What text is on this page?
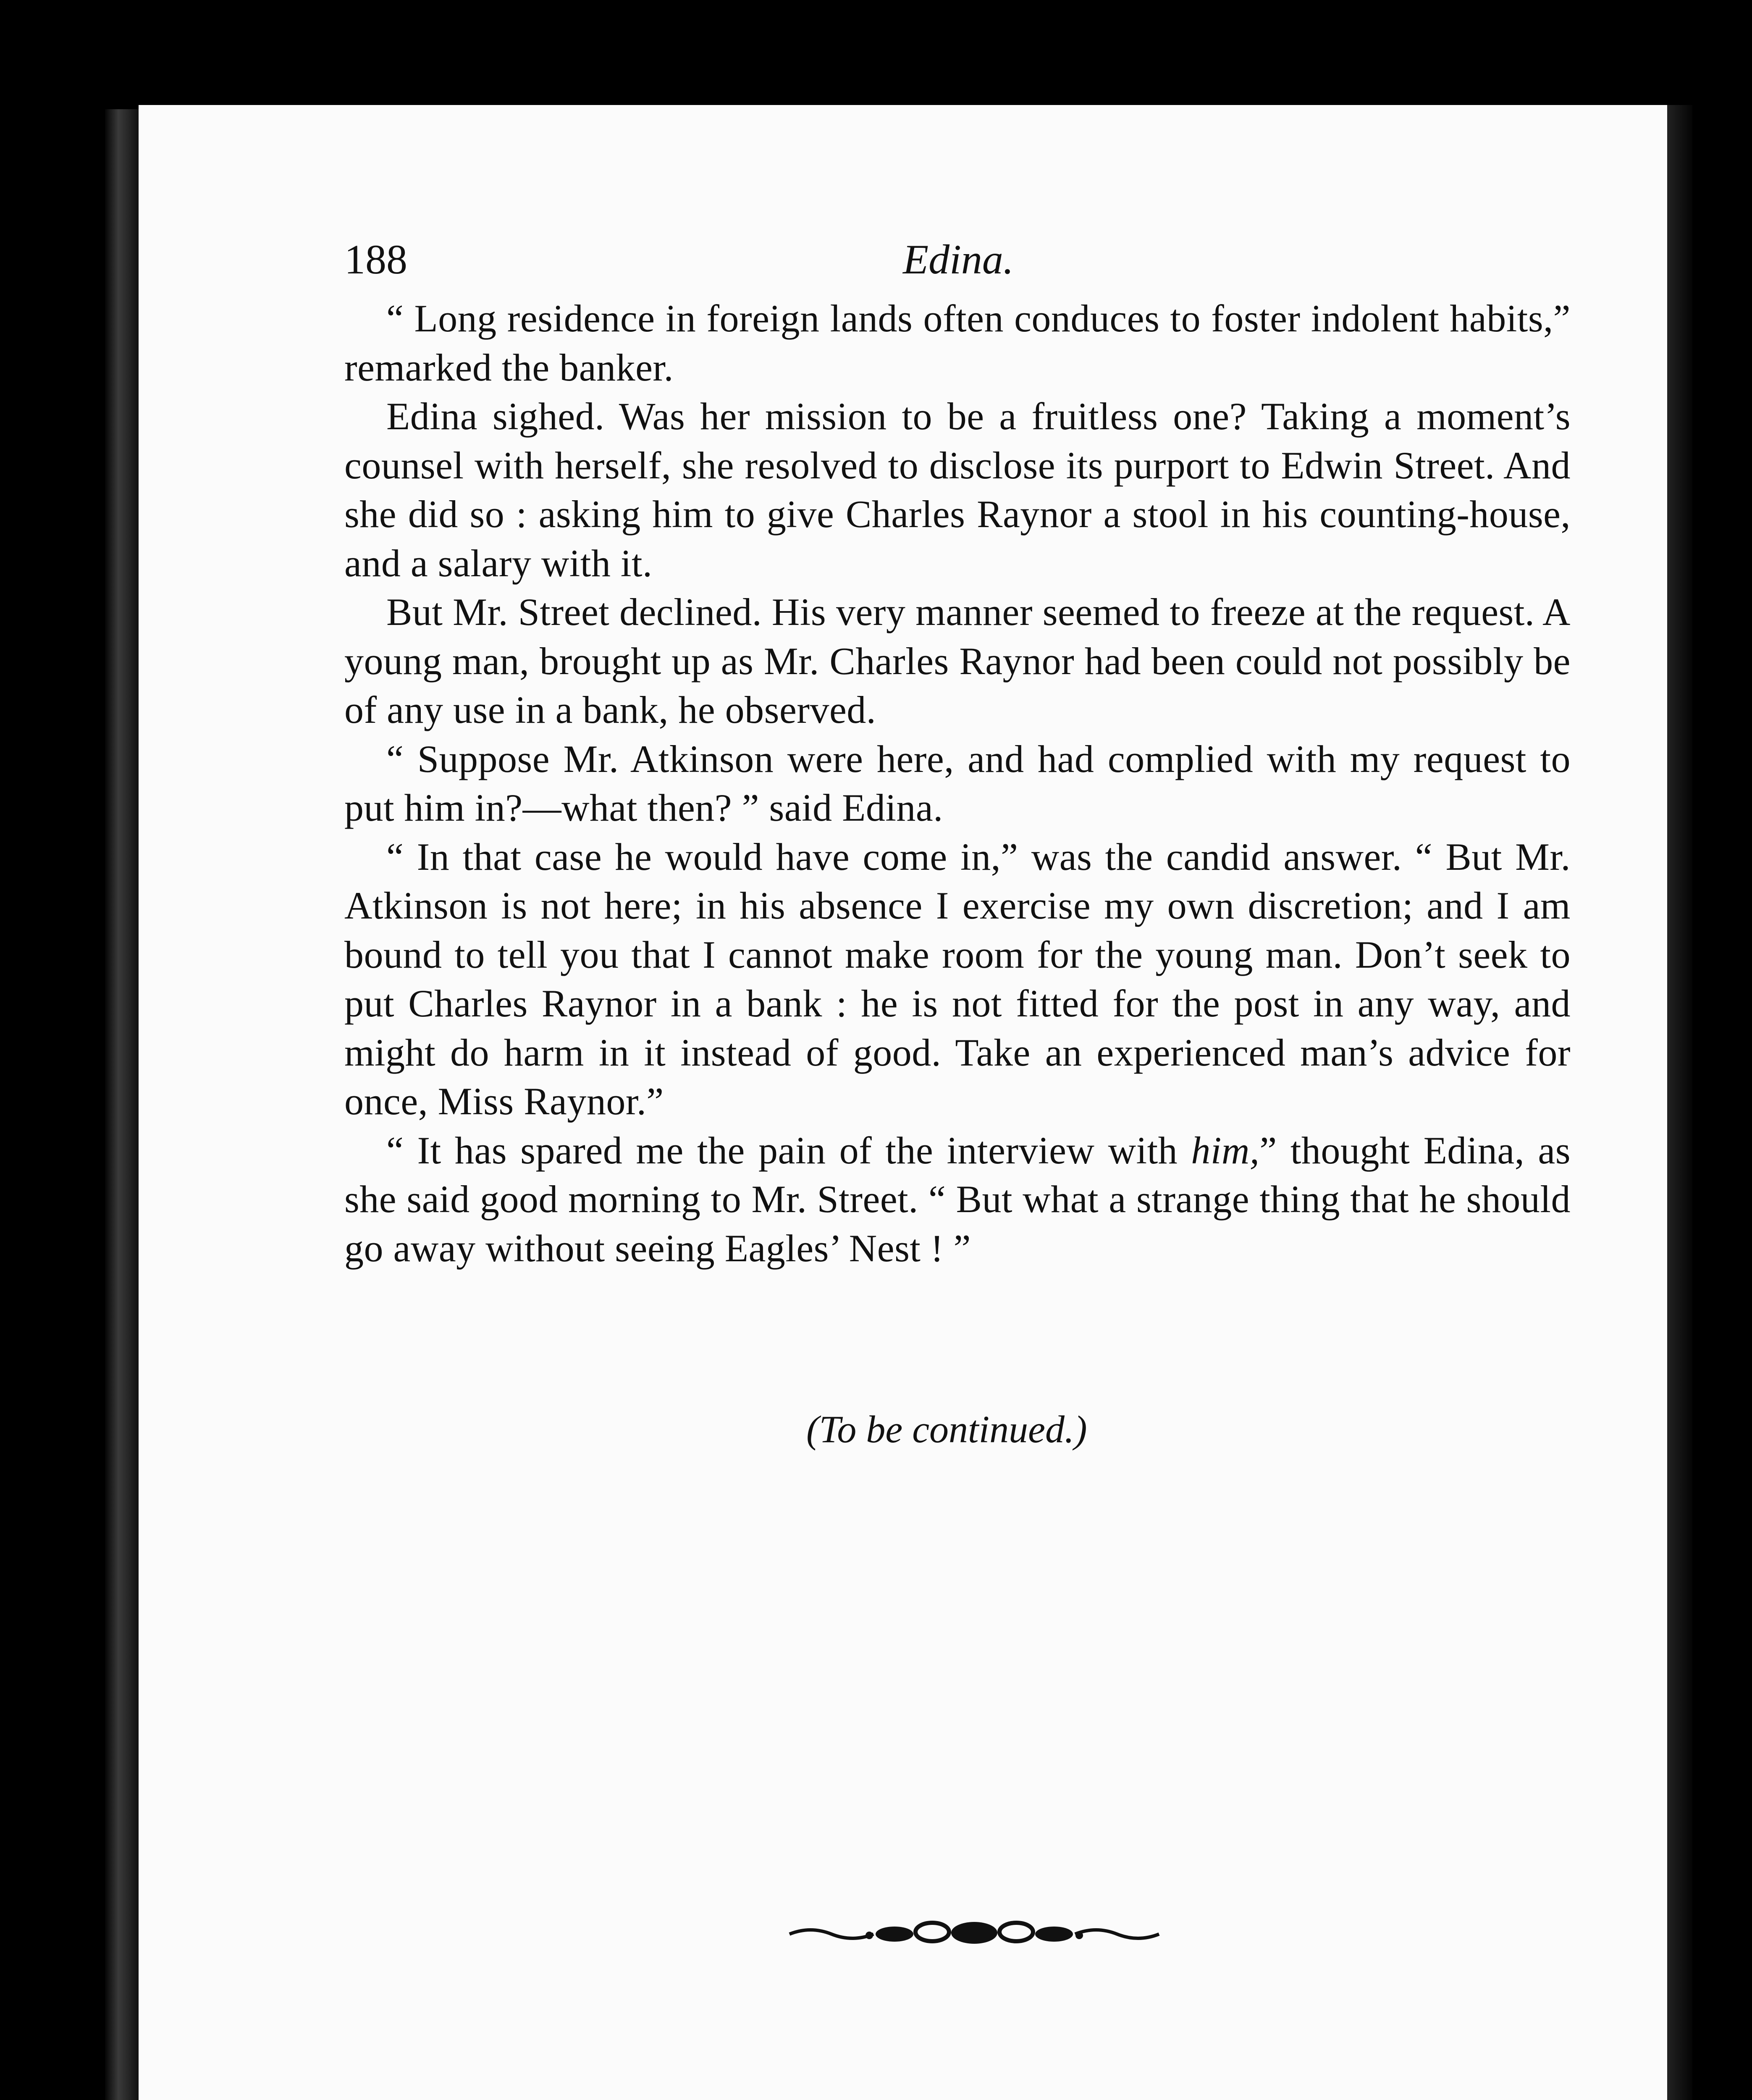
188	Edina.

“ Long residence in foreign lands often conduces to foster indolent habits,” remarked the banker.

Edina sighed. Was her mission to be a fruitless one? Taking a moment’s counsel with herself, she resolved to disclose its purport to Edwin Street. And she did so : asking him to give Charles Raynor a stool in his counting-house, and a salary with it.

But Mr. Street declined. His very manner seemed to freeze at the request. A young man, brought up as Mr. Charles Raynor had been could not possibly be of any use in a bank, he observed.

“ Suppose Mr. Atkinson were here, and had complied with my request to put him in?—what then? ” said Edina.

“ In that case he would have come in,” was the candid answer. “ But Mr. Atkinson is not here; in his absence I exercise my own discretion; and I am bound to tell you that I cannot make room for the young man. Don’t seek to put Charles Raynor in a bank : he is not fitted for the post in any way, and might do harm in it instead of good. Take an experienced man’s advice for once, Miss Raynor.”

“ It has spared me the pain of the interview with him,” thought Edina, as she said good morning to Mr. Street. “ But what a strange thing that he should go away without seeing Eagles’ Nest ! ”

(To be continued.)
